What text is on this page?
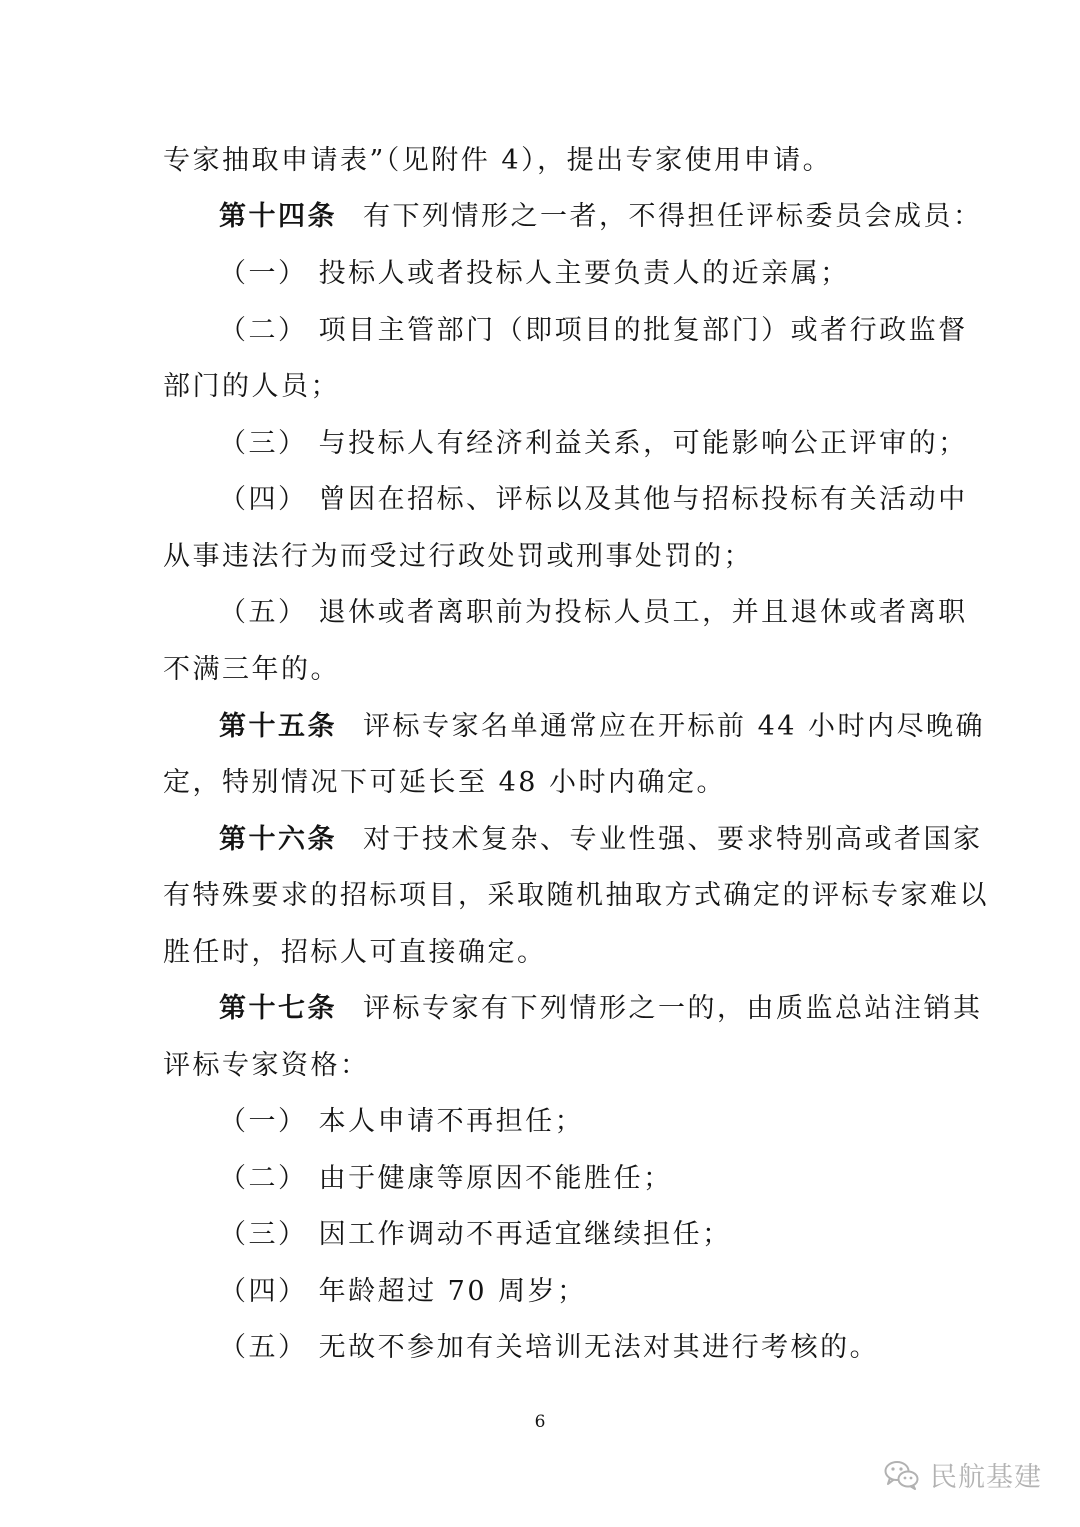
专家抽取申请表”（见附件 4），提出专家使用申请。
第十四条 有下列情形之一者，不得担任评标委员会成员：
（一） 投标人或者投标人主要负责人的近亲属；
（二） 项目主管部门（即项目的批复部门）或者行政监督
部门的人员；
（三） 与投标人有经济利益关系，可能影响公正评审的；
（四） 曾因在招标、评标以及其他与招标投标有关活动中
从事违法行为而受过行政处罚或刑事处罚的；
（五） 退休或者离职前为投标人员工，并且退休或者离职
不满三年的。
第十五条 评标专家名单通常应在开标前 44 小时内尽晚确
定，特别情况下可延长至 48 小时内确定。
第十六条 对于技术复杂、专业性强、要求特别高或者国家
有特殊要求的招标项目，采取随机抽取方式确定的评标专家难以
胜任时，招标人可直接确定。
第十七条 评标专家有下列情形之一的，由质监总站注销其
评标专家资格：
（一） 本人申请不再担任；
（二） 由于健康等原因不能胜任；
（三） 因工作调动不再适宜继续担任；
（四） 年龄超过 70 周岁；
（五） 无故不参加有关培训无法对其进行考核的。
6
民航基建
